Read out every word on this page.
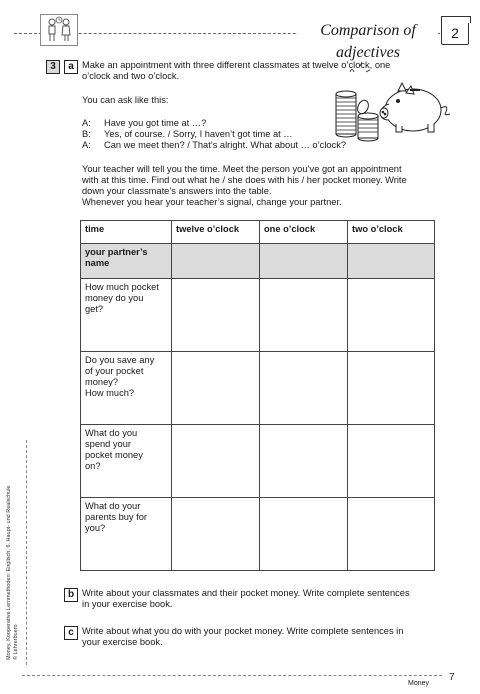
Comparison of adjectives
2
3	a Make an appointment with three different classmates at twelve o’clock, one
o’clock and two o’clock.
You can ask like this:
A: Have you got time at …?
B: Yes, of course. / Sorry, I haven’t got time at …
A: Can we meet then? / That’s alright. What about … o’clock?
Your teacher will tell you the time. Meet the person you’ve got an appointment
with at this time. Find out what he / she does with his / her pocket money. Write
down your classmate’s answers into the table.
Whenever you hear your teacher’s signal, change your partner.
time	twelve o’clock	one o’clock	two o’clock

your partner’s
name			

How much pocket
money do you
get?			

Do you save any
of your pocket
money?
How much?			

What do you
spend your
pocket money
on?			

What do your
parents buy for
you?			

b Write about your classmates and their pocket money. Write complete sentences
in your exercise book.
c Write about what you do with your pocket money. Write complete sentences in
your exercise book.
Money, Kooperative Lernmethoden: Englisch, 6. Haupt- und Realschule © Lehrerbuero
Money
7
